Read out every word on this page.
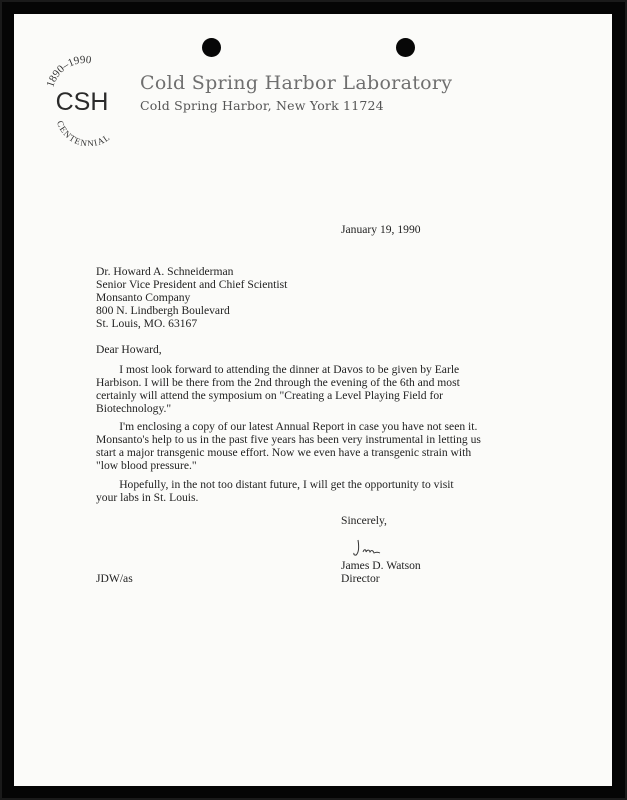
1890–1990
CSH
CENTENNIAL
Cold Spring Harbor Laboratory
Cold Spring Harbor, New York 11724
January 19, 1990
Dr. Howard A. Schneiderman
Senior Vice President and Chief Scientist
Monsanto Company
800 N. Lindbergh Boulevard
St. Louis, MO. 63167
Dear Howard,
I most look forward to attending the dinner at Davos to be given by Earle
Harbison. I will be there from the 2nd through the evening of the 6th and most
certainly will attend the symposium on "Creating a Level Playing Field for
Biotechnology."
I'm enclosing a copy of our latest Annual Report in case you have not seen it.
Monsanto's help to us in the past five years has been very instrumental in letting us
start a major transgenic mouse effort. Now we even have a transgenic strain with
"low blood pressure."
Hopefully, in the not too distant future, I will get the opportunity to visit
your labs in St. Louis.
Sincerely,
James D. Watson
Director
JDW/as
